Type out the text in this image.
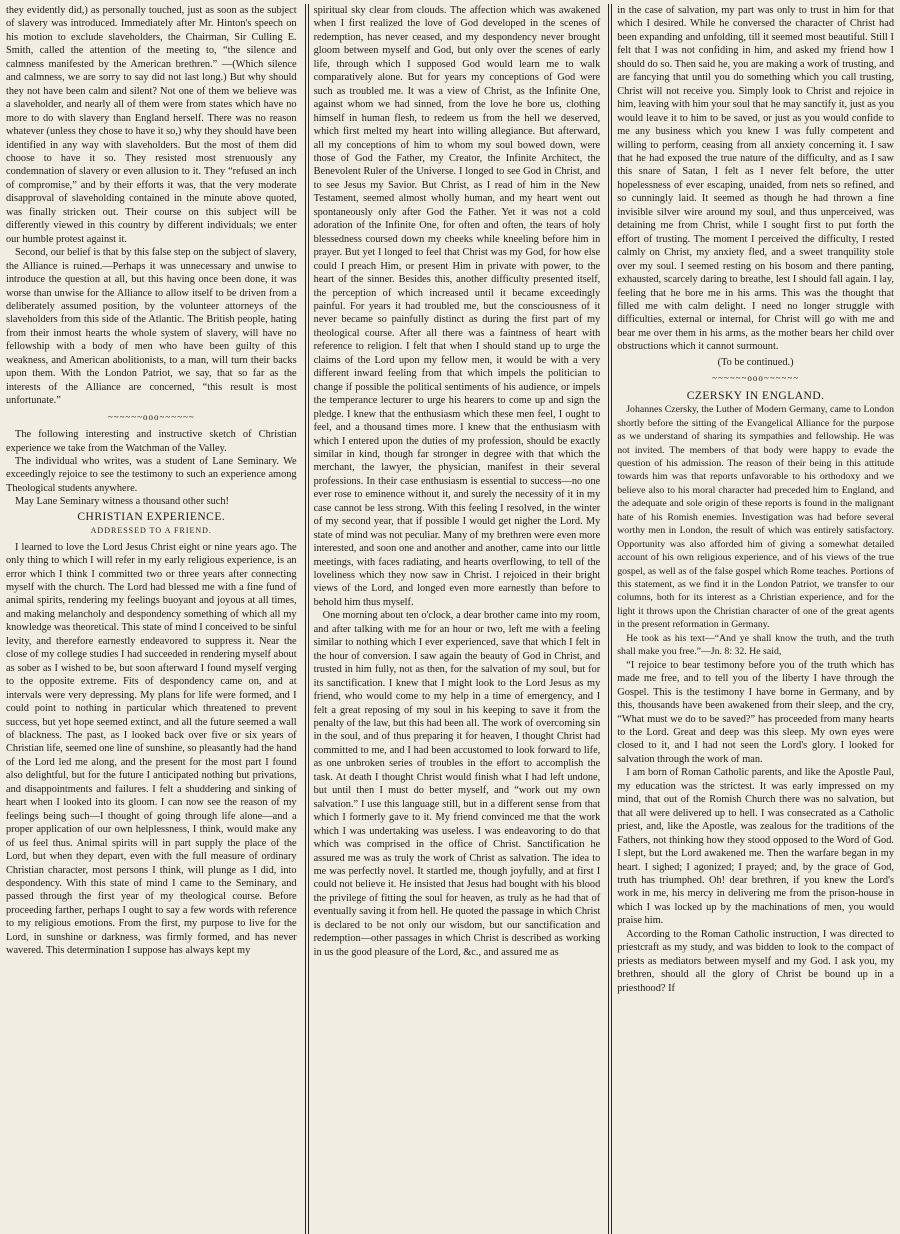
they evidently did,) as personally touched, just as soon as the subject of slavery was introduced. Immediately after Mr. Hinton's speech on his motion to exclude slaveholders, the Chairman, Sir Culling E. Smith, called the attention of the meeting to, “the silence and calmness manifested by the American brethren.” —(Which silence and calmness, we are sorry to say did not last long.) But why should they not have been calm and silent? Not one of them we believe was a slaveholder, and nearly all of them were from states which have no more to do with slavery than England herself. There was no reason whatever (unless they chose to have it so,) why they should have been identified in any way with slaveholders. But the most of them did choose to have it so. They resisted most strenuously any condemnation of slavery or even allusion to it. They “refused an inch of compromise,” and by their efforts it was, that the very moderate disapproval of slaveholding contained in the minute above quoted, was finally stricken out. Their course on this subject will be differently viewed in this country by different individuals; we enter our humble protest against it.

Second, our belief is that by this false step on the subject of slavery, the Alliance is ruined.—Perhaps it was unnecessary and unwise to introduce the question at all, but this having once been done, it was worse than unwise for the Alliance to allow itself to be driven from a deliberately assumed position, by the volunteer attorneys of the slaveholders from this side of the Atlantic. The British people, hating from their inmost hearts the whole system of slavery, will have no fellowship with a body of men who have been guilty of this weakness, and American abolitionists, to a man, will turn their backs upon them. With the London Patriot, we say, that so far as the interests of the Alliance are concerned, “this result is most unfortunate.”

~~~~~~ooo~~~~~~

The following interesting and instructive sketch of Christian experience we take from the Watchman of the Valley.

The individual who writes, was a student of Lane Seminary. We exceedingly rejoice to see the testimony to such an experience among Theological students anywhere.

May Lane Seminary witness a thousand other such!

CHRISTIAN EXPERIENCE.
ADDRESSED TO A FRIEND.

I learned to love the Lord Jesus Christ eight or nine years ago. The only thing to which I will refer in my early religious experience, is an error which I think I committed two or three years after connecting myself with the church. The Lord had blessed me with a fine fund of animal spirits, rendering my feelings buoyant and joyous at all times, and making melancholy and despondency something of which all my knowledge was theoretical. This state of mind I conceived to be sinful levity, and therefore earnestly endeavored to suppress it. Near the close of my college studies I had succeeded in rendering myself about as sober as I wished to be, but soon afterward I found myself verging to the opposite extreme. Fits of despondency came on, and at intervals were very depressing. My plans for life were formed, and I could point to nothing in particular which threatened to prevent success, but yet hope seemed extinct, and all the future seemed a wall of blackness. The past, as I looked back over five or six years of Christian life, seemed one line of sunshine, so pleasantly had the hand of the Lord led me along, and the present for the most part I found also delightful, but for the future I anticipated nothing but privations, and disappointments and failures. I felt a shuddering and sinking of heart when I looked into its gloom. I can now see the reason of my feelings being such—I thought of going through life alone—and a proper application of our own helplessness, I think, would make any of us feel thus. Animal spirits will in part supply the place of the Lord, but when they depart, even with the full measure of ordinary Christian character, most persons I think, will plunge as I did, into despondency. With this state of mind I came to the Seminary, and passed through the first year of my theological course. Before proceeding farther, perhaps I ought to say a few words with reference to my religious emotions. From the first, my purpose to live for the Lord, in sunshine or darkness, was firmly formed, and has never wavered. This determination I suppose has always kept my

spiritual sky clear from clouds. The affection which was awakened when I first realized the love of God developed in the scenes of redemption, has never ceased, and my despondency never brought gloom between myself and God, but only over the scenes of early life, through which I supposed God would learn me to walk comparatively alone. But for years my conceptions of God were such as troubled me. It was a view of Christ, as the Infinite One, against whom we had sinned, from the love he bore us, clothing himself in human flesh, to redeem us from the hell we deserved, which first melted my heart into willing allegiance. But afterward, all my conceptions of him to whom my soul bowed down, were those of God the Father, my Creator, the Infinite Architect, the Benevolent Ruler of the Universe. I longed to see God in Christ, and to see Jesus my Savior. But Christ, as I read of him in the New Testament, seemed almost wholly human, and my heart went out spontaneously only after God the Father. Yet it was not a cold adoration of the Infinite One, for often and often, the tears of holy blessedness coursed down my cheeks while kneeling before him in prayer. But yet I longed to feel that Christ was my God, for how else could I preach Him, or present Him in private with power, to the heart of the sinner. Besides this, another difficulty presented itself, the perception of which increased until it became exceedingly painful. For years it had troubled me, but the consciousness of it never became so painfully distinct as during the first part of my theological course. After all there was a faintness of heart with reference to religion. I felt that when I should stand up to urge the claims of the Lord upon my fellow men, it would be with a very different inward feeling from that which impels the politician to change if possible the political sentiments of his audience, or impels the temperance lecturer to urge his hearers to come up and sign the pledge. I knew that the enthusiasm which these men feel, I ought to feel, and a thousand times more. I knew that the enthusiasm with which I entered upon the duties of my profession, should be exactly similar in kind, though far stronger in degree with that which the merchant, the lawyer, the physician, manifest in their several professions. In their case enthusiasm is essential to success—no one ever rose to eminence without it, and surely the necessity of it in my case cannot be less strong. With this feeling I resolved, in the winter of my second year, that if possible I would get nigher the Lord. My state of mind was not peculiar. Many of my brethren were even more interested, and soon one and another and another, came into our little meetings, with faces radiating, and hearts overflowing, to tell of the loveliness which they now saw in Christ. I rejoiced in their bright views of the Lord, and longed even more earnestly than before to behold him thus myself.

One morning about ten o'clock, a dear brother came into my room, and after talking with me for an hour or two, left me with a feeling similar to nothing which I ever experienced, save that which I felt in the hour of conversion. I saw again the beauty of God in Christ, and trusted in him fully, not as then, for the salvation of my soul, but for its sanctification. I knew that I might look to the Lord Jesus as my friend, who would come to my help in a time of emergency, and I felt a great reposing of my soul in his keeping to save it from the penalty of the law, but this had been all. The work of overcoming sin in the soul, and of thus preparing it for heaven, I thought Christ had committed to me, and I had been accustomed to look forward to life, as one unbroken series of troubles in the effort to accomplish the task. At death I thought Christ would finish what I had left undone, but until then I must do better myself, and “work out my own salvation.” I use this language still, but in a different sense from that which I formerly gave to it. My friend convinced me that the work which I was undertaking was useless. I was endeavoring to do that which was comprised in the office of Christ. Sanctification he assured me was as truly the work of Christ as salvation. The idea to me was perfectly novel. It startled me, though joyfully, and at first I could not believe it. He insisted that Jesus had bought with his blood the privilege of fitting the soul for heaven, as truly as he had that of eventually saving it from hell. He quoted the passage in which Christ is declared to be not only our wisdom, but our sanctification and redemption—other passages in which Christ is described as working in us the good pleasure of the Lord, &c., and assured me as

in the case of salvation, my part was only to trust in him for that which I desired. While he conversed the character of Christ had been expanding and unfolding, till it seemed most beautiful. Still I felt that I was not confiding in him, and asked my friend how I should do so. Then said he, you are making a work of trusting, and are fancying that until you do something which you call trusting, Christ will not receive you. Simply look to Christ and rejoice in him, leaving with him your soul that he may sanctify it, just as you would leave it to him to be saved, or just as you would confide to me any business which you knew I was fully competent and willing to perform, ceasing from all anxiety concerning it. I saw that he had exposed the true nature of the difficulty, and as I saw this snare of Satan, I felt as I never felt before, the utter hopelessness of ever escaping, unaided, from nets so refined, and so cunningly laid. It seemed as though he had thrown a fine invisible silver wire around my soul, and thus unperceived, was detaining me from Christ, while I sought first to put forth the effort of trusting. The moment I perceived the difficulty, I rested calmly on Christ, my anxiety fled, and a sweet tranquility stole over my soul. I seemed resting on his bosom and there panting, exhausted, scarcely daring to breathe, lest I should fall again. I lay, feeling that he bore me in his arms. This was the thought that filled me with calm delight. I need no longer struggle with difficulties, external or internal, for Christ will go with me and bear me over them in his arms, as the mother bears her child over obstructions which it cannot surmount.

(To be continued.)
~~~~~~ooo~~~~~~
CZERSKY IN ENGLAND.

Johannes Czersky, the Luther of Modern Germany, came to London shortly before the sitting of the Evangelical Alliance for the purpose as we understand of sharing its sympathies and fellowship. He was not invited. The members of that body were happy to evade the question of his admission. The reason of their being in this attitude towards him was that reports unfavorable to his orthodoxy and we believe also to his moral character had preceded him to England, and the adequate and sole origin of these reports is found in the malignant hate of his Romish enemies. Investigation was had before several worthy men in London, the result of which was entirely satisfactory. Opportunity was also afforded him of giving a somewhat detailed account of his own religious experience, and of his views of the true gospel, as well as of the false gospel which Rome teaches. Portions of this statement, as we find it in the London Patriot, we transfer to our columns, both for its interest as a Christian experience, and for the light it throws upon the Christian character of one of the great agents in the present reformation in Germany.

He took as his text—“And ye shall know the truth, and the truth shall make you free.”—Jn. 8: 32. He said,

“I rejoice to bear testimony before you of the truth which has made me free, and to tell you of the liberty I have through the Gospel. This is the testimony I have borne in Germany, and by this, thousands have been awakened from their sleep, and the cry, “What must we do to be saved?” has proceeded from many hearts to the Lord. Great and deep was this sleep. My own eyes were closed to it, and I had not seen the Lord's glory. I looked for salvation through the work of man.

I am born of Roman Catholic parents, and like the Apostle Paul, my education was the strictest. It was early impressed on my mind, that out of the Romish Church there was no salvation, but that all were delivered up to hell. I was consecrated as a Catholic priest, and, like the Apostle, was zealous for the traditions of the Fathers, not thinking how they stood opposed to the Word of God. I slept, but the Lord awakened me. Then the warfare began in my heart. I sighed; I agonized; I prayed; and, by the grace of God, truth has triumphed. Oh! dear brethren, if you knew the Lord's work in me, his mercy in delivering me from the prison-house in which I was locked up by the machinations of men, you would praise him.

According to the Roman Catholic instruction, I was directed to priestcraft as my study, and was bidden to look to the compact of priests as mediators between myself and my God. I ask you, my brethren, should all the glory of Christ be bound up in a priesthood? If
